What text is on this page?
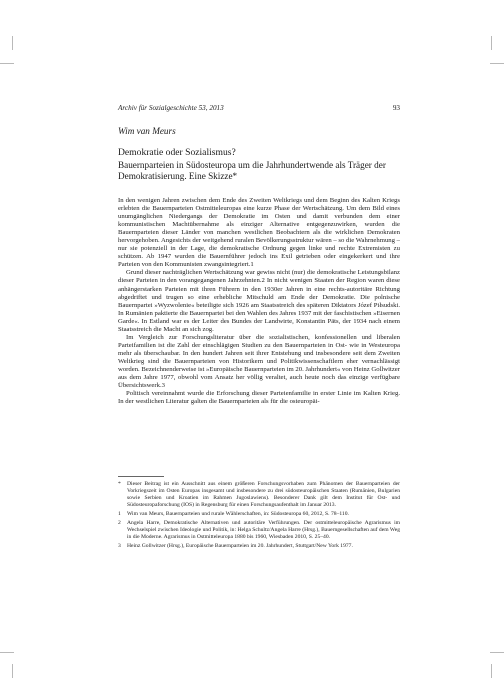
Archiv für Sozialgeschichte 53, 2013	93
Wim van Meurs
Demokratie oder Sozialismus?
Bauernparteien in Südosteuropa um die Jahrhundertwende als Träger der Demokratisierung. Eine Skizze*

In den wenigen Jahren zwischen dem Ende des Zweiten Weltkriegs und dem Beginn des Kalten Kriegs erlebten die Bauernparteien Ostmitteleuropas eine kurze Phase der Wertschätzung. Um dem Bild eines unumgänglichen Niedergangs der Demokratie im Osten und damit verbunden dem einer kommunistischen Machtübernahme als einziger Alternative entgegenzuwirken, wurden die Bauernparteien dieser Länder von manchen westlichen Beobachtern als die wirklichen Demokraten hervorgehoben. Angesichts der weitgehend ruralen Bevölkerungsstruktur wären – so die Wahrnehmung – nur sie potenziell in der Lage, die demokratische Ordnung gegen linke und rechte Extremisten zu schützen. Ab 1947 wurden die Bauernführer jedoch ins Exil getrieben oder eingekerkert und ihre Parteien von den Kommunisten zwangsintegriert.1

Grund dieser nachträglichen Wertschätzung war gewiss nicht (nur) die demokratische Leistungsbilanz dieser Parteien in den vorangegangenen Jahrzehnten.2 In nicht wenigen Staaten der Region waren diese anhängerstarken Parteien mit ihren Führern in den 1930er Jahren in eine rechts-autoritäre Richtung abgedriftet und trugen so eine erhebliche Mitschuld am Ende der Demokratie. Die polnische Bauernpartei »Wyzwolenie« beteiligte sich 1926 am Staatsstreich des späteren Diktators Józef Piłsudski. In Rumänien paktierte die Bauernpartei bei den Wahlen des Jahres 1937 mit der faschistischen »Eisernen Garde«. In Estland war es der Leiter des Bundes der Landwirte, Konstantin Päts, der 1934 nach einem Staatsstreich die Macht an sich zog.

Im Vergleich zur Forschungsliteratur über die sozialistischen, konfessionellen und liberalen Parteifamilien ist die Zahl der einschlägigen Studien zu den Bauernparteien in Ost- wie in Westeuropa mehr als überschaubar. In den hundert Jahren seit ihrer Entstehung und insbesondere seit dem Zweiten Weltkrieg sind die Bauernparteien von Historikern und Politikwissenschaftlern eher vernachlässigt worden. Bezeichnenderweise ist »Europäische Bauernparteien im 20. Jahrhundert« von Heinz Gollwitzer aus dem Jahre 1977, obwohl vom Ansatz her völlig veraltet, auch heute noch das einzige verfügbare Übersichtswerk.3

Politisch vereinnahmt wurde die Erforschung dieser Parteienfamilie in erster Linie im Kalten Krieg. In der westlichen Literatur galten die Bauernparteien als für die osteuropäi-

*	Dieser Beitrag ist ein Ausschnitt aus einem größeren Forschungsvorhaben zum Phänomen der Bauernparteien der Vorkriegszeit im Osten Europas insgesamt und insbesondere zu drei südosteuropäischen Staaten (Rumänien, Bulgarien sowie Serbien und Kroatien im Rahmen Jugoslawiens). Besonderer Dank gilt dem Institut für Ost- und Südosteuropaforschung (IOS) in Regensburg für einen Forschungsaufenthalt im Januar 2013.
1	Wim van Meurs, Bauernparteien und rurale Wählerschaften, in: Südosteuropa 60, 2012, S. 78–110.
2	Angela Harre, Demokratische Alternativen und autoritäre Verführungen. Der ostmitteleuropäische Agrarismus im Wechselspiel zwischen Ideologie und Politik, in: Helga Schultz/Angela Harre (Hrsg.), Bauerngesellschaften auf dem Weg in die Moderne. Agrarismus in Ostmitteleuropa 1880 bis 1960, Wiesbaden 2010, S. 25–40.
3	Heinz Gollwitzer (Hrsg.), Europäische Bauernparteien im 20. Jahrhundert, Stuttgart/New York 1977.
